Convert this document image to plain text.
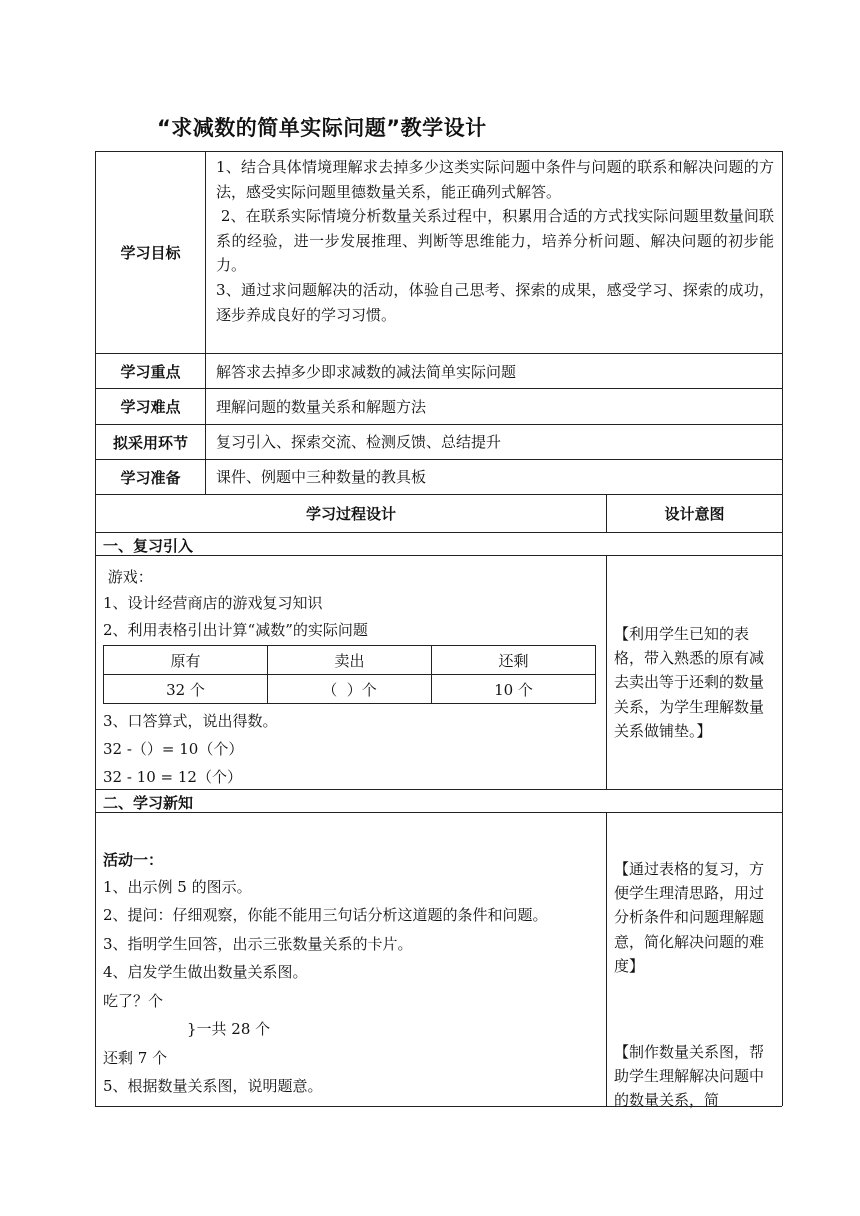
“求减数的简单实际问题”教学设计
学习目标
1、结合具体情境理解求去掉多少这类实际问题中条件与问题的联系和解决问题的方法，感受实际问题里德数量关系，能正确列式解答。
2、在联系实际情境分析数量关系过程中，积累用合适的方式找实际问题里数量间联系的经验，进一步发展推理、判断等思维能力，培养分析问题、解决问题的初步能力。
3、通过求问题解决的活动，体验自己思考、探索的成果，感受学习、探索的成功，逐步养成良好的学习习惯。
学习重点	解答求去掉多少即求减数的减法简单实际问题
学习难点	理解问题的数量关系和解题方法
拟采用环节	复习引入、探索交流、检测反馈、总结提升
学习准备	课件、例题中三种数量的教具板
学习过程设计	设计意图
一、复习引入
游戏：
1、设计经营商店的游戏复习知识
2、利用表格引出计算“减数”的实际问题
原有	卖出	还剩
32 个	（  ）个	10 个
3、口答算式，说出得数。
32 -（）= 10（个）
32 - 10 = 12（个）
【利用学生已知的表格，带入熟悉的原有减去卖出等于还剩的数量关系，为学生理解数量关系做铺垫。】
二、学习新知
活动一：
1、出示例 5 的图示。
2、提问：仔细观察，你能不能用三句话分析这道题的条件和问题。
3、指明学生回答，出示三张数量关系的卡片。
4、启发学生做出数量关系图。
吃了？个
}一共 28 个
还剩 7 个
5、根据数量关系图，说明题意。
【通过表格的复习，方便学生理清思路，用过分析条件和问题理解题意，简化解决问题的难度】
【制作数量关系图，帮助学生理解解决问题中的数量关系，简
